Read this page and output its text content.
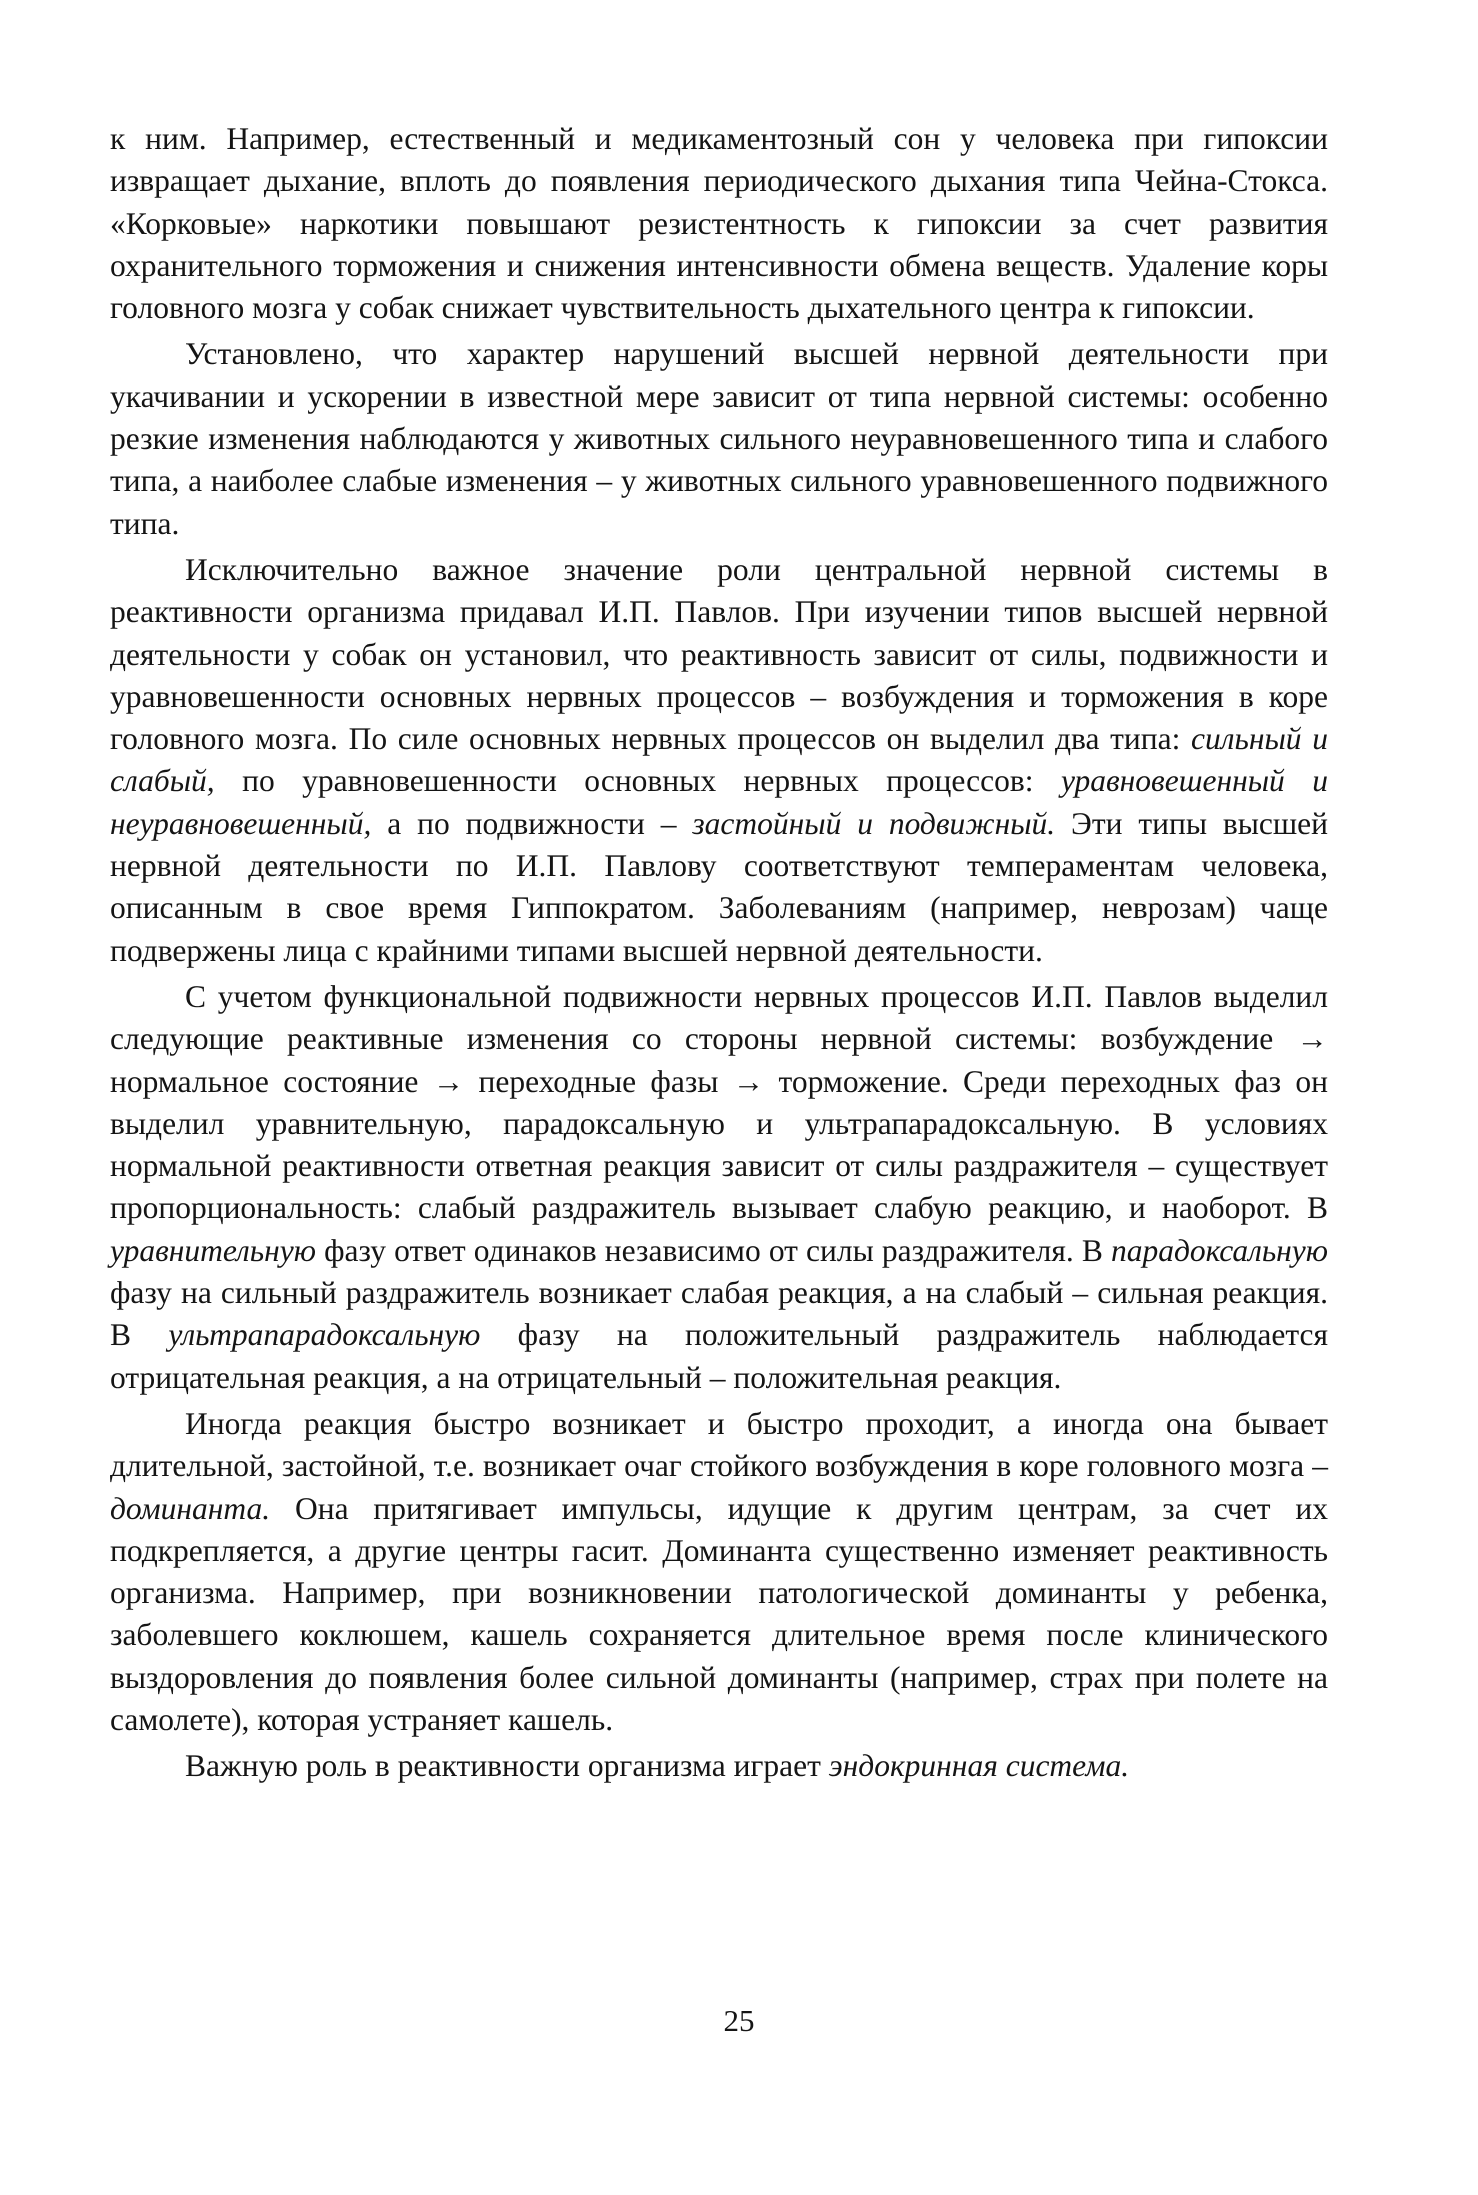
к ним. Например, естественный и медикаментозный сон у человека при гипоксии извращает дыхание, вплоть до появления периодического дыхания типа Чейна-Стокса. «Корковые» наркотики повышают резистентность к гипоксии за счет развития охранительного торможения и снижения интенсивности обмена веществ. Удаление коры головного мозга у собак снижает чувствительность дыхательного центра к гипоксии.

Установлено, что характер нарушений высшей нервной деятельности при укачивании и ускорении в известной мере зависит от типа нервной системы: особенно резкие изменения наблюдаются у животных сильного неуравновешенного типа и слабого типа, а наиболее слабые изменения – у животных сильного уравновешенного подвижного типа.

Исключительно важное значение роли центральной нервной системы в реактивности организма придавал И.П. Павлов. При изучении типов высшей нервной деятельности у собак он установил, что реактивность зависит от силы, подвижности и уравновешенности основных нервных процессов – возбуждения и торможения в коре головного мозга. По силе основных нервных процессов он выделил два типа: сильный и слабый, по уравновешенности основных нервных процессов: уравновешенный и неуравновешенный, а по подвижности – застойный и подвижный. Эти типы высшей нервной деятельности по И.П. Павлову соответствуют темпераментам человека, описанным в свое время Гиппократом. Заболеваниям (например, неврозам) чаще подвержены лица с крайними типами высшей нервной деятельности.

С учетом функциональной подвижности нервных процессов И.П. Павлов выделил следующие реактивные изменения со стороны нервной системы: возбуждение → нормальное состояние → переходные фазы → торможение. Среди переходных фаз он выделил уравнительную, парадоксальную и ультрапарадоксальную. В условиях нормальной реактивности ответная реакция зависит от силы раздражителя – существует пропорциональность: слабый раздражитель вызывает слабую реакцию, и наоборот. В уравнительную фазу ответ одинаков независимо от силы раздражителя. В парадоксальную фазу на сильный раздражитель возникает слабая реакция, а на слабый – сильная реакция. В ультрапарадоксальную фазу на положительный раздражитель наблюдается отрицательная реакция, а на отрицательный – положительная реакция.

Иногда реакция быстро возникает и быстро проходит, а иногда она бывает длительной, застойной, т.е. возникает очаг стойкого возбуждения в коре головного мозга – доминанта. Она притягивает импульсы, идущие к другим центрам, за счет их подкрепляется, а другие центры гасит. Доминанта существенно изменяет реактивность организма. Например, при возникновении патологической доминанты у ребенка, заболевшего коклюшем, кашель сохраняется длительное время после клинического выздоровления до появления более сильной доминанты (например, страх при полете на самолете), которая устраняет кашель.

Важную роль в реактивности организма играет эндокринная система.

25
